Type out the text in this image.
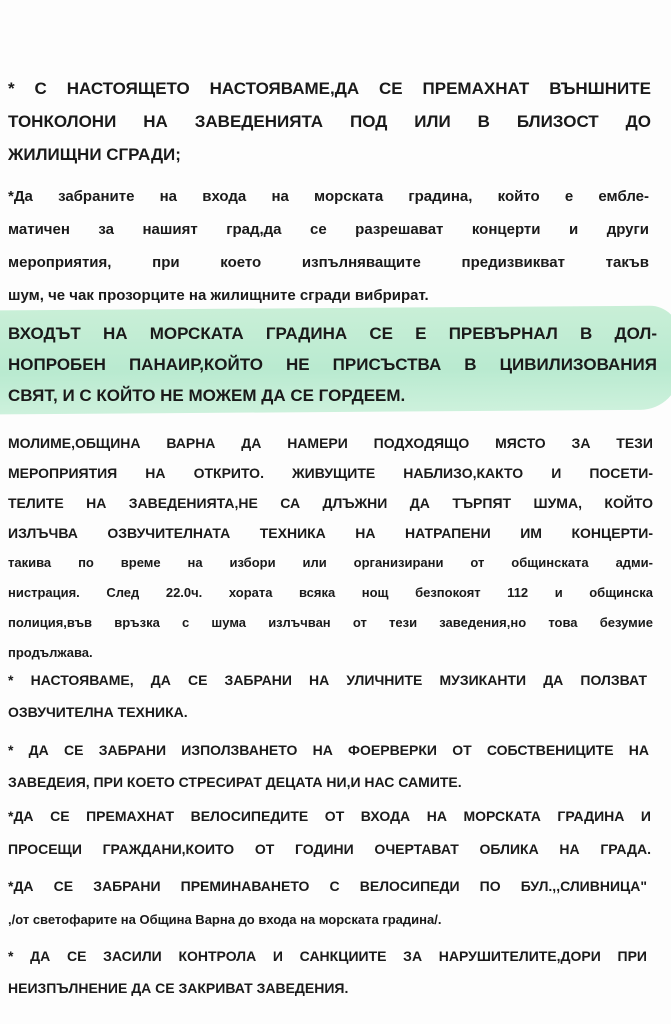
* С НАСТОЯЩЕТО НАСТОЯВАМЕ,ДА СЕ ПРЕМАХНАТ ВЪНШНИТЕ
ТОНКОЛОНИ НА ЗАВЕДЕНИЯТА ПОД ИЛИ В БЛИЗОСТ ДО
ЖИЛИЩНИ СГРАДИ;
*Да забраните на входа на морската градина, който е ембле-
матичен за нашият град,да се разрешават концерти и други
мероприятия, при което изпълняващите предизвикват такъв
шум, че чак прозорците на жилищните сгради вибрират.
ВХОДЪТ НА МОРСКАТА ГРАДИНА СЕ Е ПРЕВЪРНАЛ В ДОЛ-
НОПРОБЕН ПАНАИР,КОЙТО НЕ ПРИСЪСТВА В ЦИВИЛИЗОВАНИЯ
СВЯТ, И С КОЙТО НЕ МОЖЕМ ДА СЕ ГОРДЕЕМ.
МОЛИМЕ,ОБЩИНА ВАРНА ДА НАМЕРИ ПОДХОДЯЩО МЯСТО ЗА ТЕЗИ
МЕРОПРИЯТИЯ НА ОТКРИТО. ЖИВУЩИТЕ НАБЛИЗО,КАКТО И ПОСЕТИ-
ТЕЛИТЕ НА ЗАВЕДЕНИЯТА,НЕ СА ДЛЪЖНИ ДА ТЪРПЯТ ШУМА, КОЙТО
ИЗЛЪЧВА ОЗВУЧИТЕЛНАТА ТЕХНИКА НА НАТРАПЕНИ ИМ КОНЦЕРТИ-
такива по време на избори или организирани от общинската адми-
нистрация. След 22.0ч. хората всяка нощ безпокоят 112 и общинска
полиция,във връзка с шума излъчван от тези заведения,но това безумие
продължава.
* НАСТОЯВАМЕ, ДА СЕ ЗАБРАНИ НА УЛИЧНИТЕ МУЗИКАНТИ ДА ПОЛЗВАТ
ОЗВУЧИТЕЛНА ТЕХНИКА.
* ДА СЕ ЗАБРАНИ ИЗПОЛЗВАНЕТО НА ФОЕРВЕРКИ ОТ СОБСТВЕНИЦИТЕ НА
ЗАВЕДЕИЯ, ПРИ КОЕТО СТРЕСИРАТ ДЕЦАТА НИ,И НАС САМИТЕ.
*ДА СЕ ПРЕМАХНАТ ВЕЛОСИПЕДИТЕ ОТ ВХОДА НА МОРСКАТА ГРАДИНА И
ПРОСЕЩИ ГРАЖДАНИ,КОИТО ОТ ГОДИНИ ОЧЕРТАВАТ ОБЛИКА НА ГРАДА.
*ДА СЕ ЗАБРАНИ ПРЕМИНАВАНЕТО С ВЕЛОСИПЕДИ ПО БУЛ.,,СЛИВНИЦА"
,/от светофарите на Община Варна до входа на морската градина/.
* ДА СЕ ЗАСИЛИ КОНТРОЛА И САНКЦИИТЕ ЗА НАРУШИТЕЛИТЕ,ДОРИ ПРИ
НЕИЗПЪЛНЕНИЕ ДА СЕ ЗАКРИВАТ ЗАВЕДЕНИЯ.
